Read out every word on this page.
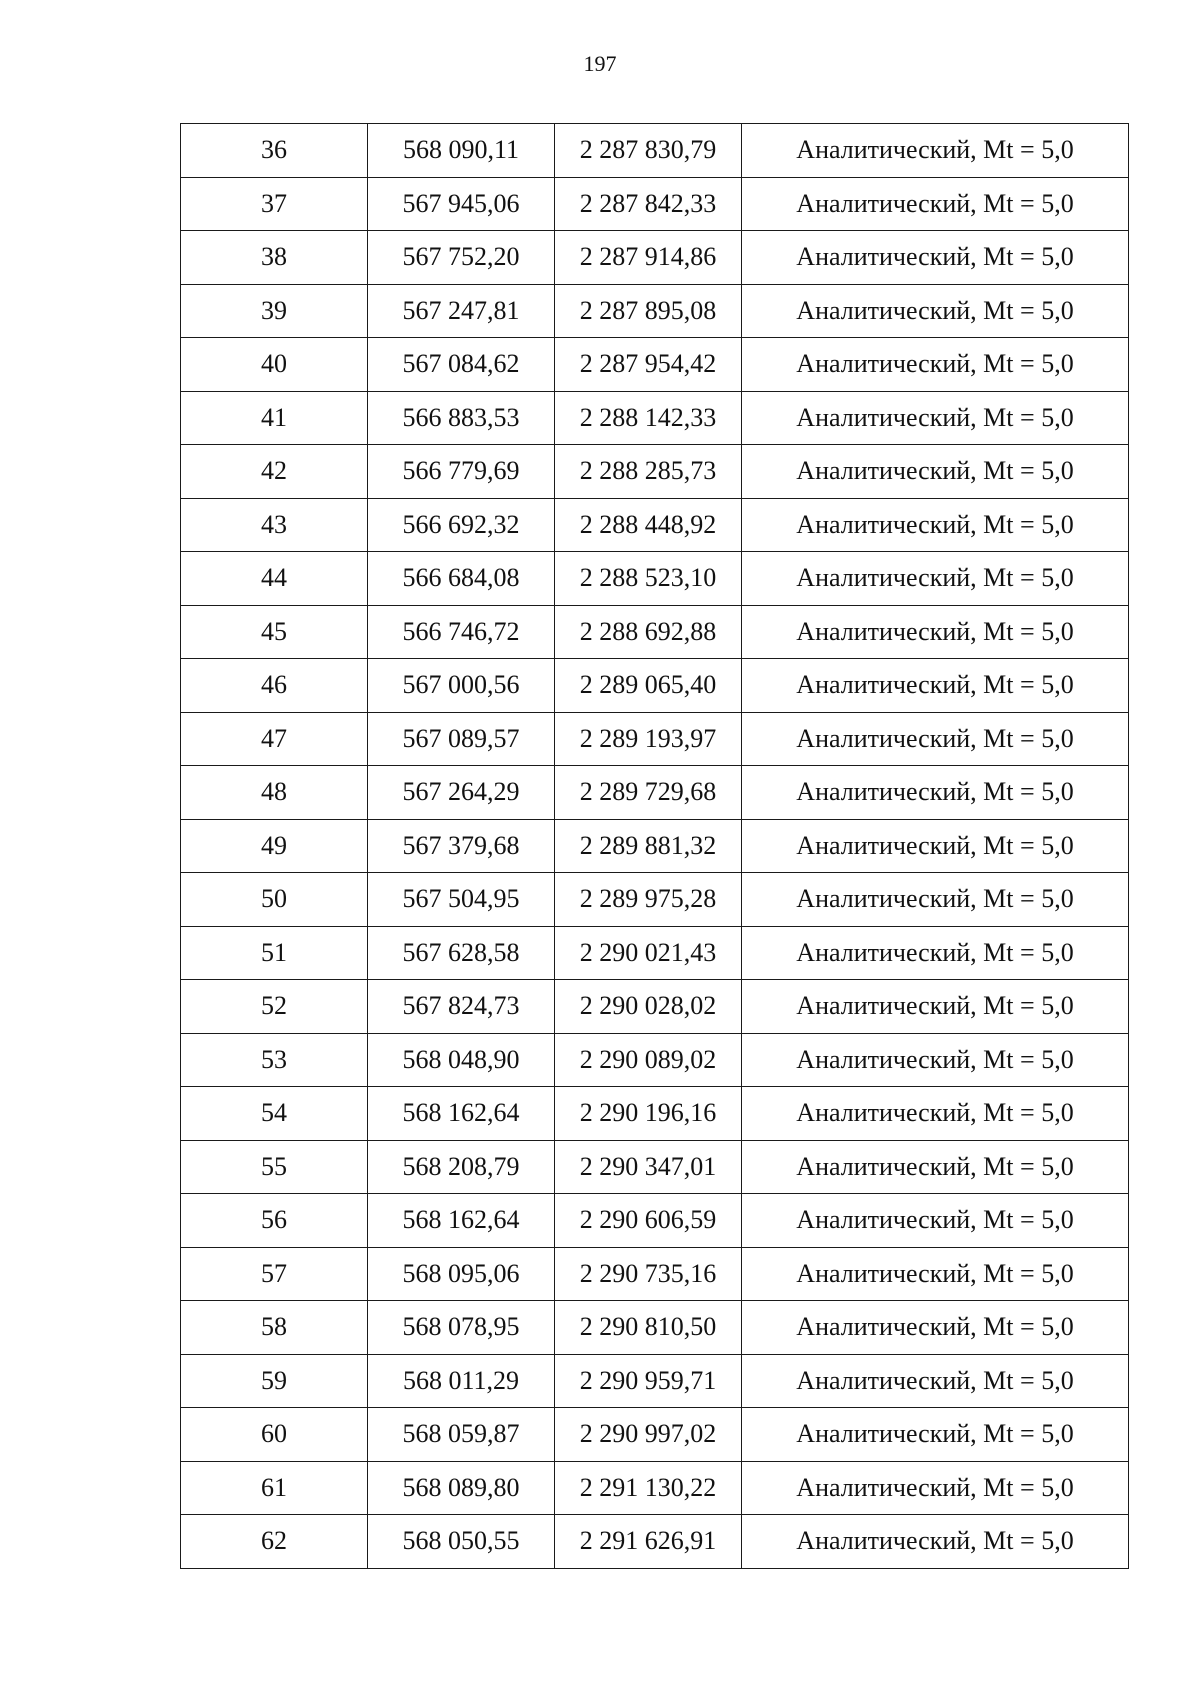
197
36	568 090,11	2 287 830,79	Аналитический, Mt = 5,0
37	567 945,06	2 287 842,33	Аналитический, Mt = 5,0
38	567 752,20	2 287 914,86	Аналитический, Mt = 5,0
39	567 247,81	2 287 895,08	Аналитический, Mt = 5,0
40	567 084,62	2 287 954,42	Аналитический, Mt = 5,0
41	566 883,53	2 288 142,33	Аналитический, Mt = 5,0
42	566 779,69	2 288 285,73	Аналитический, Mt = 5,0
43	566 692,32	2 288 448,92	Аналитический, Mt = 5,0
44	566 684,08	2 288 523,10	Аналитический, Mt = 5,0
45	566 746,72	2 288 692,88	Аналитический, Mt = 5,0
46	567 000,56	2 289 065,40	Аналитический, Mt = 5,0
47	567 089,57	2 289 193,97	Аналитический, Mt = 5,0
48	567 264,29	2 289 729,68	Аналитический, Mt = 5,0
49	567 379,68	2 289 881,32	Аналитический, Mt = 5,0
50	567 504,95	2 289 975,28	Аналитический, Mt = 5,0
51	567 628,58	2 290 021,43	Аналитический, Mt = 5,0
52	567 824,73	2 290 028,02	Аналитический, Mt = 5,0
53	568 048,90	2 290 089,02	Аналитический, Mt = 5,0
54	568 162,64	2 290 196,16	Аналитический, Mt = 5,0
55	568 208,79	2 290 347,01	Аналитический, Mt = 5,0
56	568 162,64	2 290 606,59	Аналитический, Mt = 5,0
57	568 095,06	2 290 735,16	Аналитический, Mt = 5,0
58	568 078,95	2 290 810,50	Аналитический, Mt = 5,0
59	568 011,29	2 290 959,71	Аналитический, Mt = 5,0
60	568 059,87	2 290 997,02	Аналитический, Mt = 5,0
61	568 089,80	2 291 130,22	Аналитический, Mt = 5,0
62	568 050,55	2 291 626,91	Аналитический, Mt = 5,0
